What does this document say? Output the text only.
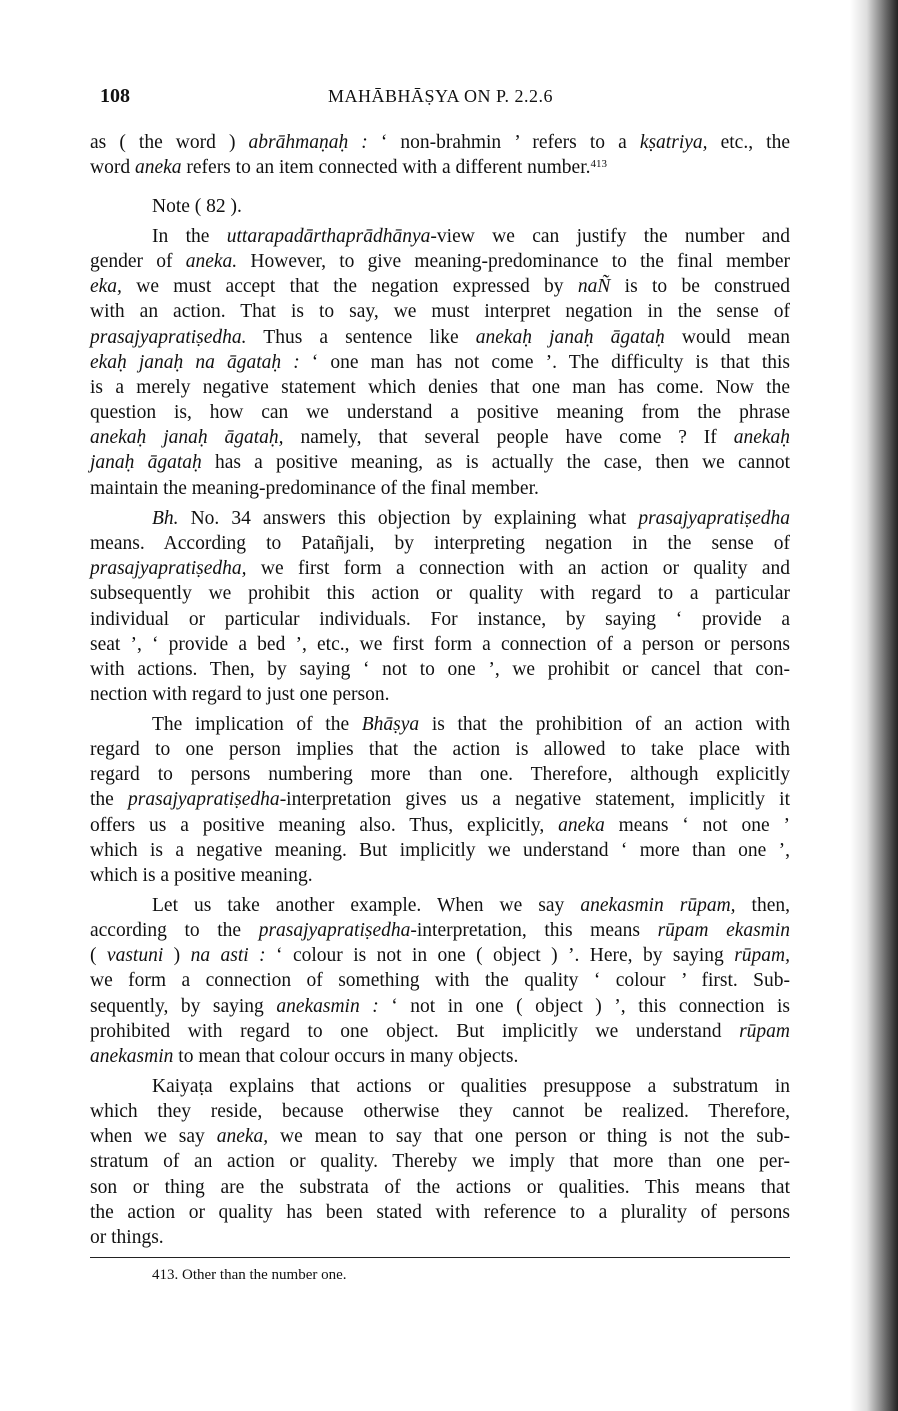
108	MAHĀBHĀṢYA ON P. 2.2.6
as ( the word ) abrāhmaṇaḥ : ‘ non-brahmin ’ refers to a kṣatriya, etc., the
word aneka refers to an item connected with a different number.$^{413}$
Note ( 82 ).
In the uttarapadārthaprādhānya-view we can justify the number and
gender of aneka. However, to give meaning-predominance to the final member
eka, we must accept that the negation expressed by naÑ is to be construed
with an action. That is to say, we must interpret negation in the sense of
prasajyapratiṣedha. Thus a sentence like anekaḥ janaḥ āgataḥ would mean
ekaḥ janaḥ na āgataḥ : ‘ one man has not come ’. The difficulty is that this
is a merely negative statement which denies that one man has come. Now the
question is, how can we understand a positive meaning from the phrase
anekaḥ janaḥ āgataḥ, namely, that several people have come ? If anekaḥ
janaḥ āgataḥ has a positive meaning, as is actually the case, then we cannot
maintain the meaning-predominance of the final member.
Bh. No. 34 answers this objection by explaining what prasajyapratiṣedha
means. According to Patañjali, by interpreting negation in the sense of
prasajyapratiṣedha, we first form a connection with an action or quality and
subsequently we prohibit this action or quality with regard to a particular
individual or particular individuals. For instance, by saying ‘ provide a
seat ’, ‘ provide a bed ’, etc., we first form a connection of a person or persons
with actions. Then, by saying ‘ not to one ’, we prohibit or cancel that con-
nection with regard to just one person.
The implication of the Bhāṣya is that the prohibition of an action with
regard to one person implies that the action is allowed to take place with
regard to persons numbering more than one. Therefore, although explicitly
the prasajyapratiṣedha-interpretation gives us a negative statement, implicitly it
offers us a positive meaning also. Thus, explicitly, aneka means ‘ not one ’
which is a negative meaning. But implicitly we understand ‘ more than one ’,
which is a positive meaning.
Let us take another example. When we say anekasmin rūpam, then,
according to the prasajyapratiṣedha-interpretation, this means rūpam ekasmin
( vastuni ) na asti : ‘ colour is not in one ( object ) ’. Here, by saying rūpam,
we form a connection of something with the quality ‘ colour ’ first. Sub-
sequently, by saying anekasmin : ‘ not in one ( object ) ’, this connection is
prohibited with regard to one object. But implicitly we understand rūpam
anekasmin to mean that colour occurs in many objects.
Kaiyaṭa explains that actions or qualities presuppose a substratum in
which they reside, because otherwise they cannot be realized. Therefore,
when we say aneka, we mean to say that one person or thing is not the sub-
stratum of an action or quality. Thereby we imply that more than one per-
son or thing are the substrata of the actions or qualities. This means that
the action or quality has been stated with reference to a plurality of persons
or things.
413. Other than the number one.
